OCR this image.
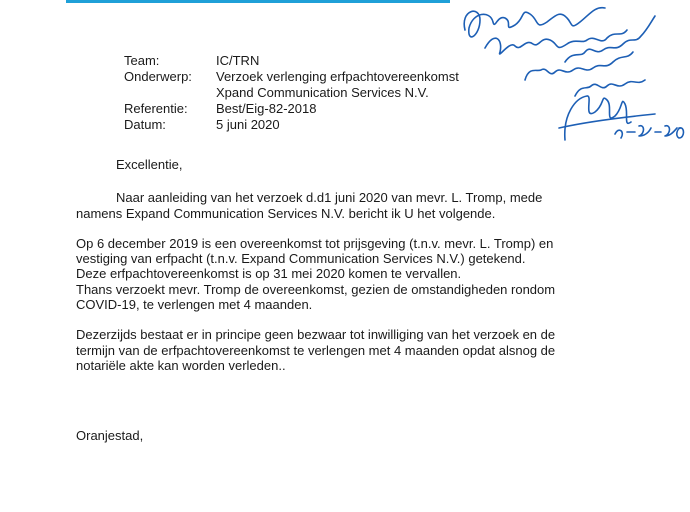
Team:	IC/TRN
Onderwerp:	Verzoek verlenging erfpachtovereenkomst
Xpand Communication Services N.V.
Referentie:	Best/Eig-82-2018
Datum:	5 juni 2020

Excellentie,

Naar aanleiding van het verzoek d.d1 juni 2020 van mevr. L. Tromp, mede

namens Expand Communication Services N.V. bericht ik U het volgende.

Op 6 december 2019 is een overeenkomst tot prijsgeving (t.n.v. mevr. L. Tromp) en

vestiging van erfpacht (t.n.v. Expand Communication Services N.V.) getekend.

Deze erfpachtovereenkomst is op 31 mei 2020 komen te vervallen.

Thans verzoekt mevr. Tromp de overeenkomst, gezien de omstandigheden rondom

COVID-19, te verlengen met 4 maanden.

Dezerzijds bestaat er in principe geen bezwaar tot inwilliging van het verzoek en de

termijn van de erfpachtovereenkomst te verlengen met 4 maanden opdat alsnog de

notariële akte kan worden verleden..

Oranjestad,
